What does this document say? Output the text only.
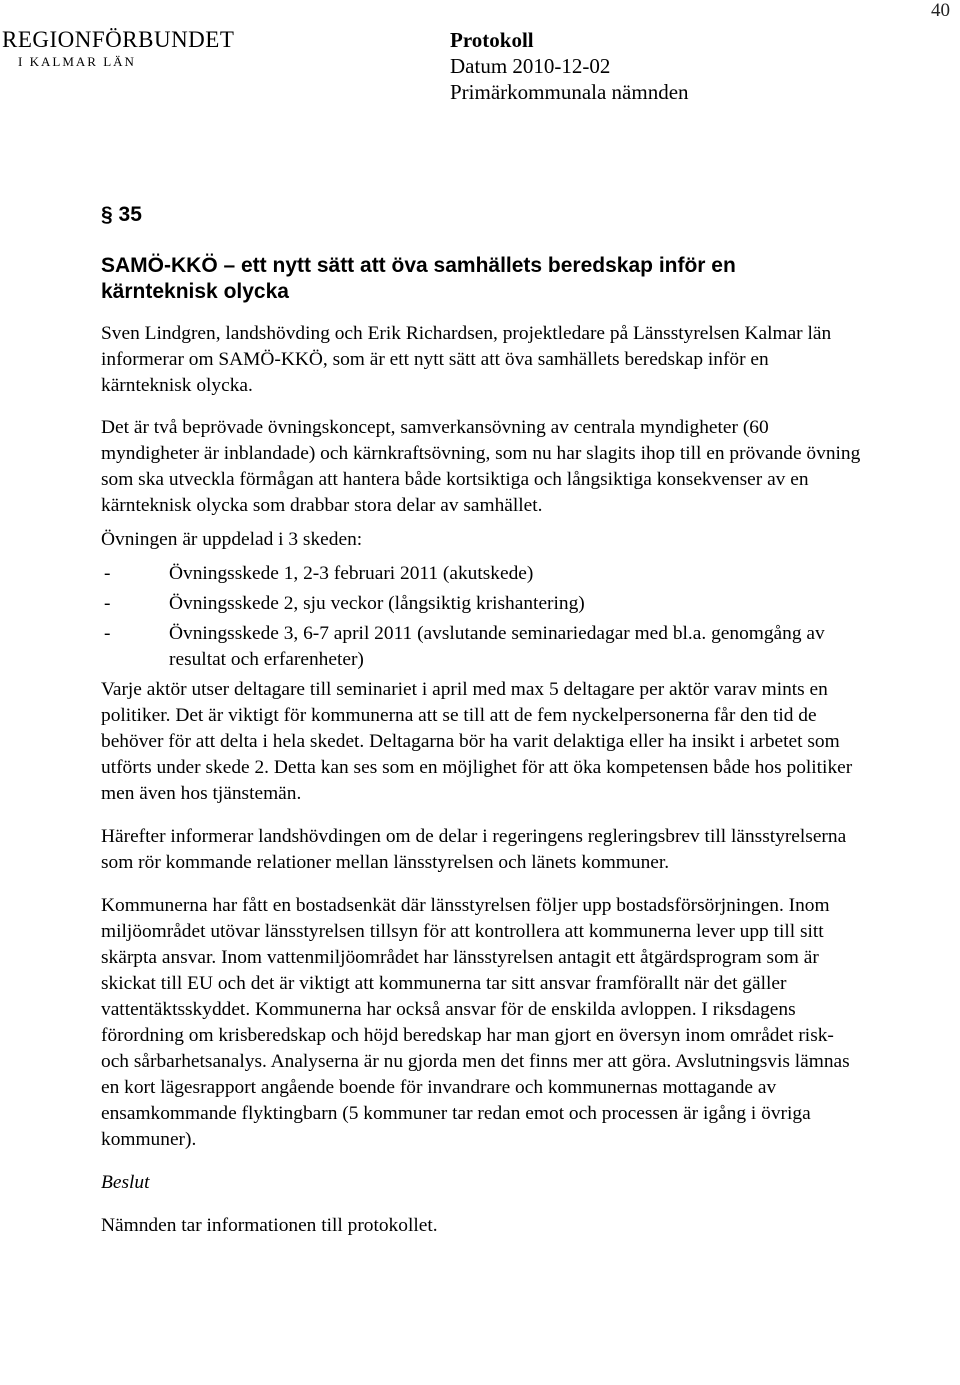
40
REGIONFÖRBUNDET
I KALMAR LÄN
Protokoll
Datum 2010-12-02
Primärkommunala nämnden
§ 35
SAMÖ-KKÖ – ett nytt sätt att öva samhällets beredskap inför en kärnteknisk olycka

Sven Lindgren, landshövding och Erik Richardsen, projektledare på Länsstyrelsen Kalmar län informerar om SAMÖ-KKÖ, som är ett nytt sätt att öva samhällets beredskap inför en kärnteknisk olycka.

Det är två beprövade övningskoncept, samverkansövning av centrala myndigheter (60 myndigheter är inblandade) och kärnkraftsövning, som nu har slagits ihop till en prövande övning som ska utveckla förmågan att hantera både kortsiktiga och långsiktiga konsekvenser av en kärnteknisk olycka som drabbar stora delar av samhället.

Övningen är uppdelad i 3 skeden:

-	Övningsskede 1, 2-3 februari 2011 (akutskede)
-	Övningsskede 2, sju veckor (långsiktig krishantering)
-	Övningsskede 3, 6-7 april 2011 (avslutande seminariedagar med bl.a. genomgång av resultat och erfarenheter)

Varje aktör utser deltagare till seminariet i april med max 5 deltagare per aktör varav mints en politiker. Det är viktigt för kommunerna att se till att de fem nyckelpersonerna får den tid de behöver för att delta i hela skedet. Deltagarna bör ha varit delaktiga eller ha insikt i arbetet som utförts under skede 2. Detta kan ses som en möjlighet för att öka kompetensen både hos politiker men även hos tjänstemän.

Härefter informerar landshövdingen om de delar i regeringens regleringsbrev till länsstyrelserna som rör kommande relationer mellan länsstyrelsen och länets kommuner.

Kommunerna har fått en bostadsenkät där länsstyrelsen följer upp bostadsförsörjningen. Inom miljöområdet utövar länsstyrelsen tillsyn för att kontrollera att kommunerna lever upp till sitt skärpta ansvar. Inom vattenmiljöområdet har länsstyrelsen antagit ett åtgärdsprogram som är skickat till EU och det är viktigt att kommunerna tar sitt ansvar framförallt när det gäller vattentäktsskyddet. Kommunerna har också ansvar för de enskilda avloppen. I riksdagens förordning om krisberedskap och höjd beredskap har man gjort en översyn inom området risk- och sårbarhetsanalys. Analyserna är nu gjorda men det finns mer att göra. Avslutningsvis lämnas en kort lägesrapport angående boende för invandrare och kommunernas mottagande av ensamkommande flyktingbarn (5 kommuner tar redan emot och processen är igång i övriga kommuner).

Beslut

Nämnden tar informationen till protokollet.
